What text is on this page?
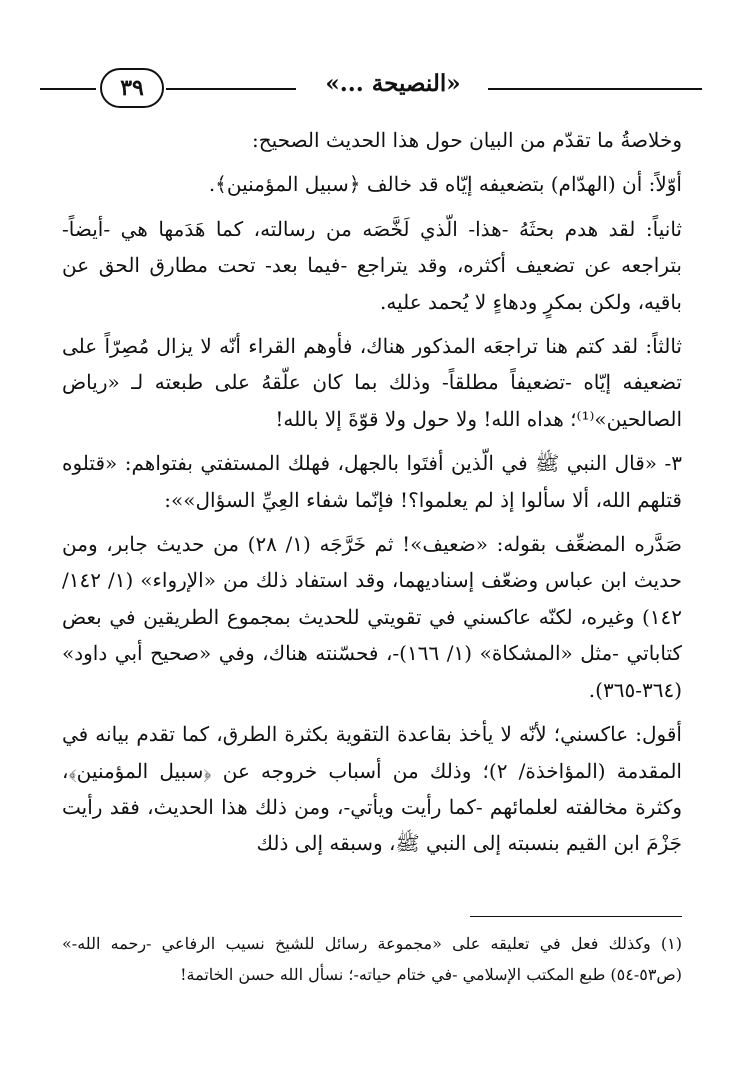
٣٩	«النصيحة ...»

وخلاصةُ ما تقدّم من البيان حول هذا الحديث الصحيح:

أوّلاً: أن (الهدّام) بتضعيفه إيّاه قد خالف ﴿سبيل المؤمنين﴾.

ثانياً: لقد هدم بحثَهُ -هذا- الّذي لَخَّصَه من رسالته، كما هَدَمها هي -أيضاً- بتراجعه عن تضعيف أكثره، وقد يتراجع -فيما بعد- تحت مطارق الحق عن باقيه، ولكن بمكرٍ ودهاءٍ لا يُحمد عليه.

ثالثاً: لقد كتم هنا تراجعَه المذكور هناك، فأوهم القراء أنّه لا يزال مُصِرّاً على تضعيفه إيّاه -تضعيفاً مطلقاً- وذلك بما كان علّقهُ على طبعته لـ «رياض الصالحين»⁽¹⁾؛ هداه الله! ولا حول ولا قوّةَ إلا بالله!

٣- «قال النبي ﷺ في الّذين أفتَوا بالجهل، فهلك المستفتي بفتواهم: «قتلوه قتلهم الله، ألا سألوا إذ لم يعلموا؟! فإنّما شفاء العِيِّ السؤال»»:

صَدَّره المضعِّف بقوله: «ضعيف»! ثم خَرَّجَه (١/ ٢٨) من حديث جابر، ومن حديث ابن عباس وضعّف إسناديهما، وقد استفاد ذلك من «الإرواء» (١/ ١٤٢/ ١٤٢) وغيره، لكنّه عاكسني في تقويتي للحديث بمجموع الطريقين في بعض كتاباتي -مثل «المشكاة» (١/ ١٦٦)-، فحسّنته هناك، وفي «صحيح أبي داود» (٣٦٤-٣٦٥).

أقول: عاكسني؛ لأنّه لا يأخذ بقاعدة التقوية بكثرة الطرق، كما تقدم بيانه في المقدمة (المؤاخذة/ ٢)؛ وذلك من أسباب خروجه عن ﴿سبيل المؤمنين﴾، وكثرة مخالفته لعلمائهم -كما رأيت ويأتي-، ومن ذلك هذا الحديث، فقد رأيت جَزْمَ ابن القيم بنسبته إلى النبي ﷺ، وسبقه إلى ذلك

(١) وكذلك فعل في تعليقه على «مجموعة رسائل للشيخ نسيب الرفاعي -رحمه الله-» (ص٥٣-٥٤) طبع المكتب الإسلامي -في ختام حياته-؛ نسأل الله حسن الخاتمة!
